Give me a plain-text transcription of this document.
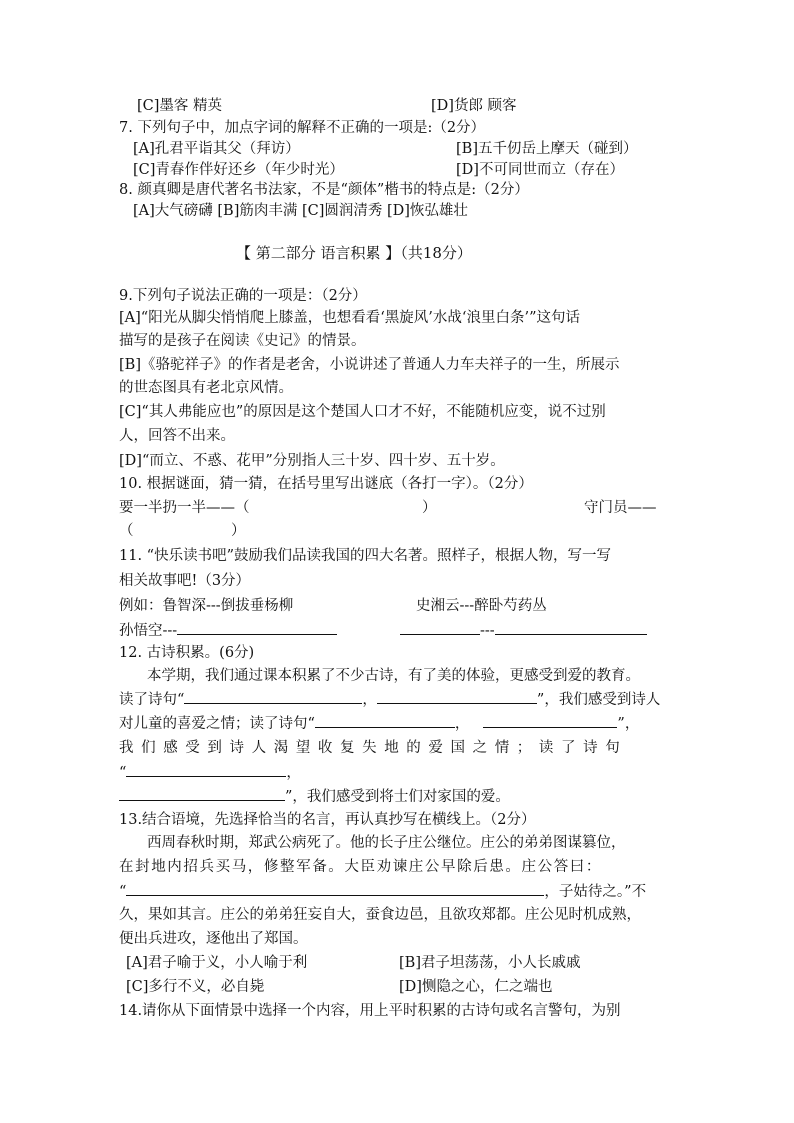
[C]墨客 精英	[D]货郎 顾客
7. 下列句子中，加点字词的解释不正确的一项是:（2分）
[A]孔君平诣其父（拜访）	[B]五千仞岳上摩天（碰到）
[C]青春作伴好还乡（年少时光）	[D]不可同世而立（存在）
8. 颜真卿是唐代著名书法家，不是“颜体”楷书的特点是:（2分）
[A]大气磅礴 [B]筋肉丰满 [C]圆润清秀 [D]恢弘雄壮
【 第二部分 语言积累 】（共18分）
9.下列句子说法正确的一项是：（2分）
[A]“阳光从脚尖悄悄爬上膝盖，也想看看‘黑旋风’水战‘浪里白条’”这句话
描写的是孩子在阅读《史记》的情景。
[B]《骆驼祥子》的作者是老舍，小说讲述了普通人力车夫祥子的一生，所展示
的世态图具有老北京风情。
[C]“其人弗能应也”的原因是这个楚国人口才不好，不能随机应变，说不过别
人，回答不出来。
[D]“而立、不惑、花甲”分别指人三十岁、四十岁、五十岁。
10. 根据谜面，猜一猜，在括号里写出谜底（各打一字）。（2分）
要一半扔一半——（	）	守门员——
（	）
11. “快乐读书吧”鼓励我们品读我国的四大名著。照样子，根据人物，写一写
相关故事吧!（3分）
例如：鲁智深---倒拔垂杨柳	史湘云---醉卧芍药丛
孙悟空---	---
12. 古诗积累。(6分)
本学期，我们通过课本积累了不少古诗，有了美的体验，更感受到爱的教育。
读了诗句“	，	”，我们感受到诗人
对儿童的喜爱之情；读了诗句“	，	”，
我们感受到诗人渴望收复失地的爱国之情；读了诗句
“	，
”，我们感受到将士们对家国的爱。
13.结合语境，先选择恰当的名言，再认真抄写在横线上。（2分）
西周春秋时期，郑武公病死了。他的长子庄公继位。庄公的弟弟图谋篡位，
在封地内招兵买马，修整军备。大臣劝谏庄公早除后患。庄公答曰：
“	，子姑待之。”不
久，果如其言。庄公的弟弟狂妄自大，蚕食边邑，且欲攻郑都。庄公见时机成熟，
便出兵进攻，逐他出了郑国。
[A]君子喻于义，小人喻于利	[B]君子坦荡荡，小人长戚戚
[C]多行不义，必自毙	[D]恻隐之心，仁之端也
14.请你从下面情景中选择一个内容，用上平时积累的古诗句或名言警句，为别
